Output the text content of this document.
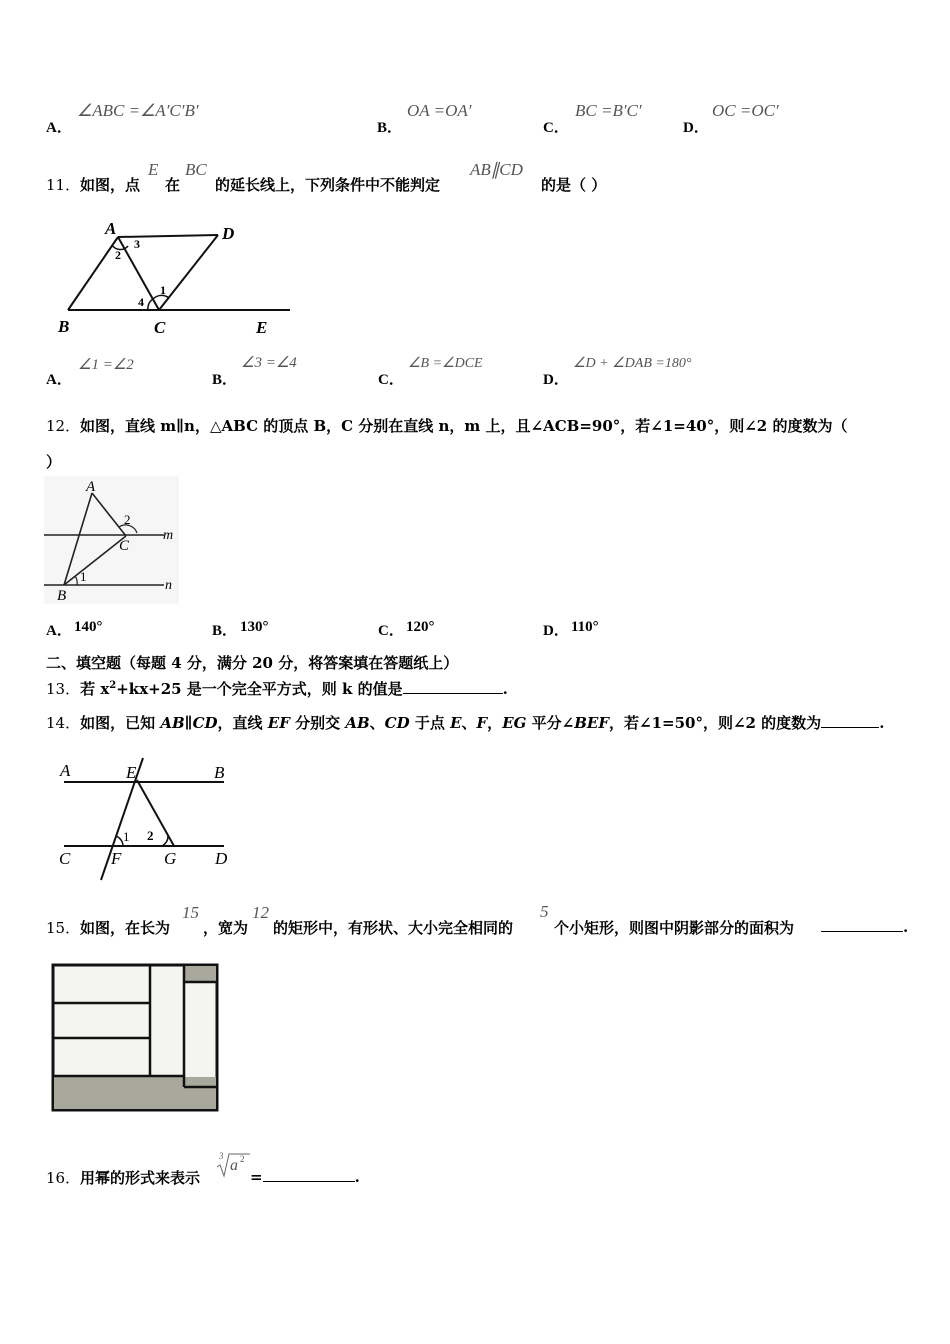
A．
∠ABC =∠A′C′B′
B．
OA =OA′
C．
BC =B′C′
D．
OC =OC′
11． 如图，点
E
在
BC
的延长线上，下列条件中不能判定
AB∥CD
的是（ ）
A	D
B	C	E
1
2
3
4
A．
∠1 =∠2
B．
∠3 =∠4
C．
∠B =∠DCE
D．
∠D + ∠DAB =180°
12． 如图，直线 m∥n，△ABC 的顶点 B，C 分别在直线 n，m 上，且∠ACB=90°，若∠1=40°，则∠2 的度数为（
）
A
B
C
m
n
1
2
A． 140°	B． 130°	C． 120°	D． 110°
二、填空题（每题 4 分，满分 20 分，将答案填在答题纸上）
13．若 $x^2+kx+25$ 是一个完全平方式，则 k 的值是	.
14．如图，已知 AB∥CD，直线 EF 分别交 AB、CD 于点 E、F，EG 平分∠BEF，若∠1=50°，则∠2 的度数为	.
A	E	B
C F	G D
1 2
15． 如图，在长为
15
，宽为
12
的矩形中，有形状、大小完全相同的
5
个小矩形，则图中阴影部分的面积为	.
16． 用幂的形式来表示
3
a 2
=	.
